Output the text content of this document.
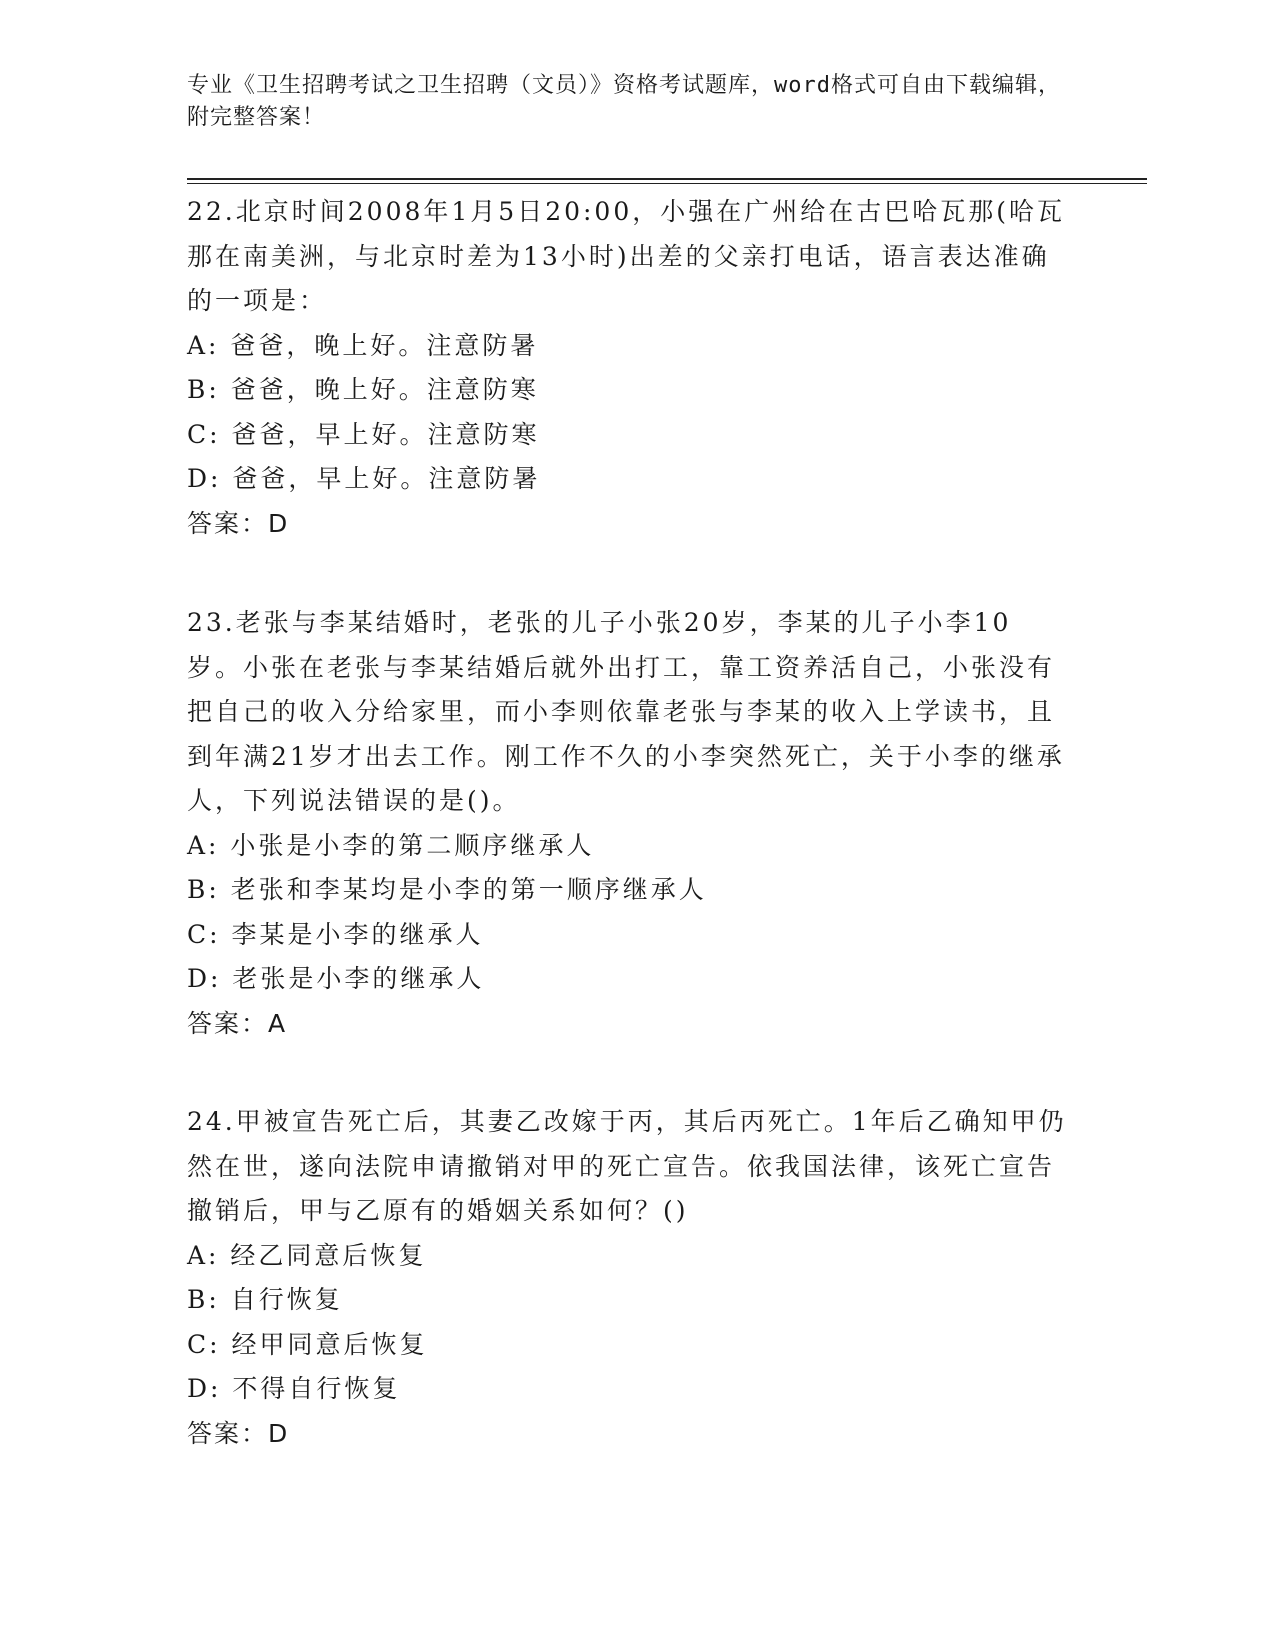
专业《卫生招聘考试之卫生招聘（文员）》资格考试题库，word格式可自由下载编辑，附完整答案！

22.北京时间2008年1月5日20:00，小强在广州给在古巴哈瓦那(哈瓦那在南美洲，与北京时差为13小时)出差的父亲打电话，语言表达准确的一项是：

A: 爸爸，晚上好。注意防暑
B: 爸爸，晚上好。注意防寒
C: 爸爸，早上好。注意防寒
D: 爸爸，早上好。注意防暑
答案：D

23.老张与李某结婚时，老张的儿子小张20岁，李某的儿子小李10岁。小张在老张与李某结婚后就外出打工，靠工资养活自己，小张没有把自己的收入分给家里，而小李则依靠老张与李某的收入上学读书，且到年满21岁才出去工作。刚工作不久的小李突然死亡，关于小李的继承人，下列说法错误的是()。

A: 小张是小李的第二顺序继承人
B: 老张和李某均是小李的第一顺序继承人
C: 李某是小李的继承人
D: 老张是小李的继承人
答案：A

24.甲被宣告死亡后，其妻乙改嫁于丙，其后丙死亡。1年后乙确知甲仍然在世，遂向法院申请撤销对甲的死亡宣告。依我国法律，该死亡宣告撤销后，甲与乙原有的婚姻关系如何？()

A: 经乙同意后恢复
B: 自行恢复
C: 经甲同意后恢复
D: 不得自行恢复
答案：D
